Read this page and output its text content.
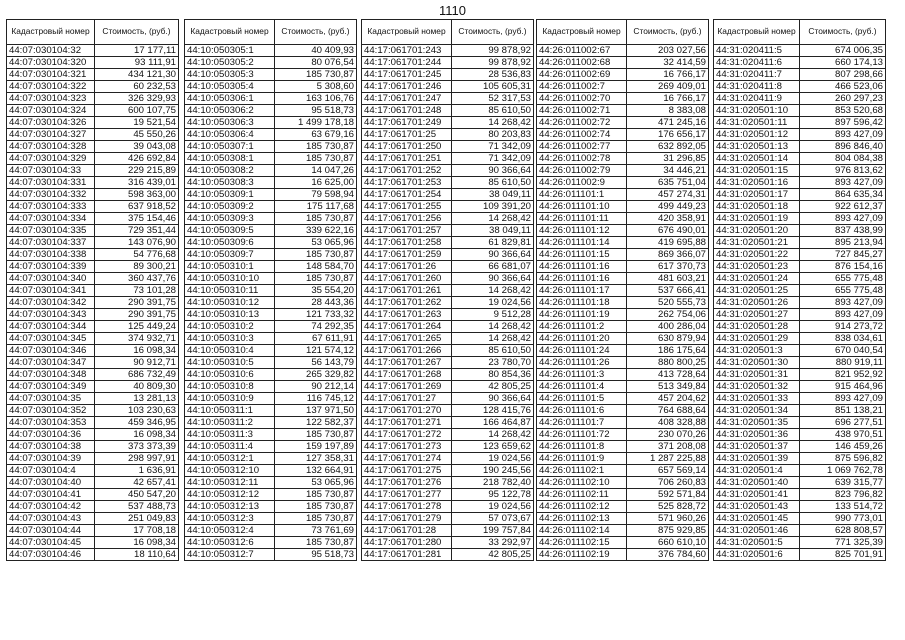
1110
Кадастровый номер	Стоимость, (руб.)
44:07:030104:32	17 177,11
44:07:030104:320	93 111,91
44:07:030104:321	434 121,30
44:07:030104:322	60 232,53
44:07:030104:323	326 329,93
44:07:030104:324	600 107,75
44:07:030104:326	19 521,54
44:07:030104:327	45 550,26
44:07:030104:328	39 043,08
44:07:030104:329	426 692,84
44:07:030104:33	229 215,89
44:07:030104:331	316 439,01
44:07:030104:332	598 363,00
44:07:030104:333	637 918,52
44:07:030104:334	375 154,46
44:07:030104:335	729 351,44
44:07:030104:337	143 076,90
44:07:030104:338	54 776,68
44:07:030104:339	89 300,21
44:07:030104:340	360 437,76
44:07:030104:341	73 101,28
44:07:030104:342	290 391,75
44:07:030104:343	290 391,75
44:07:030104:344	125 449,24
44:07:030104:345	374 932,71
44:07:030104:346	16 098,34
44:07:030104:347	90 912,71
44:07:030104:348	686 732,49
44:07:030104:349	40 809,30
44:07:030104:35	13 281,13
44:07:030104:352	103 230,63
44:07:030104:353	459 346,95
44:07:030104:36	16 098,34
44:07:030104:38	373 373,39
44:07:030104:39	298 997,91
44:07:030104:4	1 636,91
44:07:030104:40	42 657,41
44:07:030104:41	450 547,20
44:07:030104:42	537 488,73
44:07:030104:43	251 049,83
44:07:030104:44	17 708,18
44:07:030104:45	16 098,34
44:07:030104:46	18 110,64
Кадастровый номер	Стоимость, (руб.)
44:10:050305:1	40 409,93
44:10:050305:2	80 076,54
44:10:050305:3	185 730,87
44:10:050305:4	5 308,60
44:10:050306:1	163 106,76
44:10:050306:2	95 518,73
44:10:050306:3	1 499 178,18
44:10:050306:4	63 679,16
44:10:050307:1	185 730,87
44:10:050308:1	185 730,87
44:10:050308:2	14 047,26
44:10:050308:3	16 625,00
44:10:050309:1	79 598,94
44:10:050309:2	175 117,68
44:10:050309:3	185 730,87
44:10:050309:5	339 622,16
44:10:050309:6	53 065,96
44:10:050309:7	185 730,87
44:10:050310:1	148 584,70
44:10:050310:10	185 730,87
44:10:050310:11	35 554,20
44:10:050310:12	28 443,36
44:10:050310:13	121 733,32
44:10:050310:2	74 292,35
44:10:050310:3	67 611,91
44:10:050310:4	121 574,12
44:10:050310:5	56 143,79
44:10:050310:6	265 329,82
44:10:050310:8	90 212,14
44:10:050310:9	116 745,12
44:10:050311:1	137 971,50
44:10:050311:2	122 582,37
44:10:050311:3	185 730,87
44:10:050311:4	159 197,89
44:10:050312:1	127 358,31
44:10:050312:10	132 664,91
44:10:050312:11	53 065,96
44:10:050312:12	185 730,87
44:10:050312:13	185 730,87
44:10:050312:3	185 730,87
44:10:050312:4	73 761,69
44:10:050312:6	185 730,87
44:10:050312:7	95 518,73
Кадастровый номер	Стоимость, (руб.)
44:17:061701:243	99 878,92
44:17:061701:244	99 878,92
44:17:061701:245	28 536,83
44:17:061701:246	105 605,31
44:17:061701:247	52 317,53
44:17:061701:248	85 610,50
44:17:061701:249	14 268,42
44:17:061701:25	80 203,83
44:17:061701:250	71 342,09
44:17:061701:251	71 342,09
44:17:061701:252	90 366,64
44:17:061701:253	85 610,50
44:17:061701:254	38 049,11
44:17:061701:255	109 391,20
44:17:061701:256	14 268,42
44:17:061701:257	38 049,11
44:17:061701:258	61 829,81
44:17:061701:259	90 366,64
44:17:061701:26	66 681,07
44:17:061701:260	90 366,64
44:17:061701:261	14 268,42
44:17:061701:262	19 024,56
44:17:061701:263	9 512,28
44:17:061701:264	14 268,42
44:17:061701:265	14 268,42
44:17:061701:266	85 610,50
44:17:061701:267	23 780,70
44:17:061701:268	80 854,36
44:17:061701:269	42 805,25
44:17:061701:27	90 366,64
44:17:061701:270	128 415,76
44:17:061701:271	166 464,87
44:17:061701:272	14 268,42
44:17:061701:273	123 659,62
44:17:061701:274	19 024,56
44:17:061701:275	190 245,56
44:17:061701:276	218 782,40
44:17:061701:277	95 122,78
44:17:061701:278	19 024,56
44:17:061701:279	57 073,67
44:17:061701:28	199 757,84
44:17:061701:280	33 292,97
44:17:061701:281	42 805,25
Кадастровый номер	Стоимость, (руб.)
44:26:011002:67	203 027,56
44:26:011002:68	32 414,59
44:26:011002:69	16 766,17
44:26:011002:7	269 409,01
44:26:011002:70	16 766,17
44:26:011002:71	8 383,08
44:26:011002:72	471 245,16
44:26:011002:74	176 656,17
44:26:011002:77	632 892,05
44:26:011002:78	31 296,85
44:26:011002:79	34 446,21
44:26:011002:9	635 751,04
44:26:011101:1	457 274,31
44:26:011101:10	499 449,23
44:26:011101:11	420 358,91
44:26:011101:12	676 490,01
44:26:011101:14	419 695,88
44:26:011101:15	869 366,07
44:26:011101:16	617 370,73
44:26:011101:16	481 603,21
44:26:011101:17	537 666,41
44:26:011101:18	520 555,73
44:26:011101:19	262 754,06
44:26:011101:2	400 286,04
44:26:011101:20	630 879,94
44:26:011101:24	186 175,64
44:26:011101:26	880 800,25
44:26:011101:3	413 728,64
44:26:011101:4	513 349,84
44:26:011101:5	457 204,62
44:26:011101:6	764 688,64
44:26:011101:7	408 328,88
44:26:011101:72	230 070,26
44:26:011101:8	371 208,08
44:26:011101:9	1 287 225,88
44:26:011102:1	657 569,14
44:26:011102:10	706 260,83
44:26:011102:11	592 571,84
44:26:011102:12	525 828,72
44:26:011102:13	571 960,26
44:26:011102:14	875 929,85
44:26:011102:15	660 610,10
44:26:011102:19	376 784,60
Кадастровый номер	Стоимость, (руб.)
44:31:020411:5	674 006,35
44:31:020411:6	660 174,13
44:31:020411:7	807 298,66
44:31:020411:8	466 523,06
44:31:020411:9	260 297,23
44:31:020501:10	853 520,68
44:31:020501:11	897 596,42
44:31:020501:12	893 427,09
44:31:020501:13	896 846,40
44:31:020501:14	804 084,38
44:31:020501:15	976 813,62
44:31:020501:16	893 427,09
44:31:020501:17	864 635,34
44:31:020501:18	922 612,37
44:31:020501:19	893 427,09
44:31:020501:20	837 438,99
44:31:020501:21	895 213,94
44:31:020501:22	727 845,27
44:31:020501:23	876 154,16
44:31:020501:24	655 775,48
44:31:020501:25	655 775,48
44:31:020501:26	893 427,09
44:31:020501:27	893 427,09
44:31:020501:28	914 273,72
44:31:020501:29	838 034,61
44:31:020501:3	670 040,54
44:31:020501:30	880 919,11
44:31:020501:31	821 952,92
44:31:020501:32	915 464,96
44:31:020501:33	893 427,09
44:31:020501:34	851 138,21
44:31:020501:35	696 277,51
44:31:020501:36	438 970,51
44:31:020501:37	146 459,26
44:31:020501:39	875 596,82
44:31:020501:4	1 069 762,78
44:31:020501:40	639 315,77
44:31:020501:41	823 796,82
44:31:020501:43	133 514,72
44:31:020501:45	990 773,01
44:31:020501:46	628 808,57
44:31:020501:5	771 325,39
44:31:020501:6	825 701,91
